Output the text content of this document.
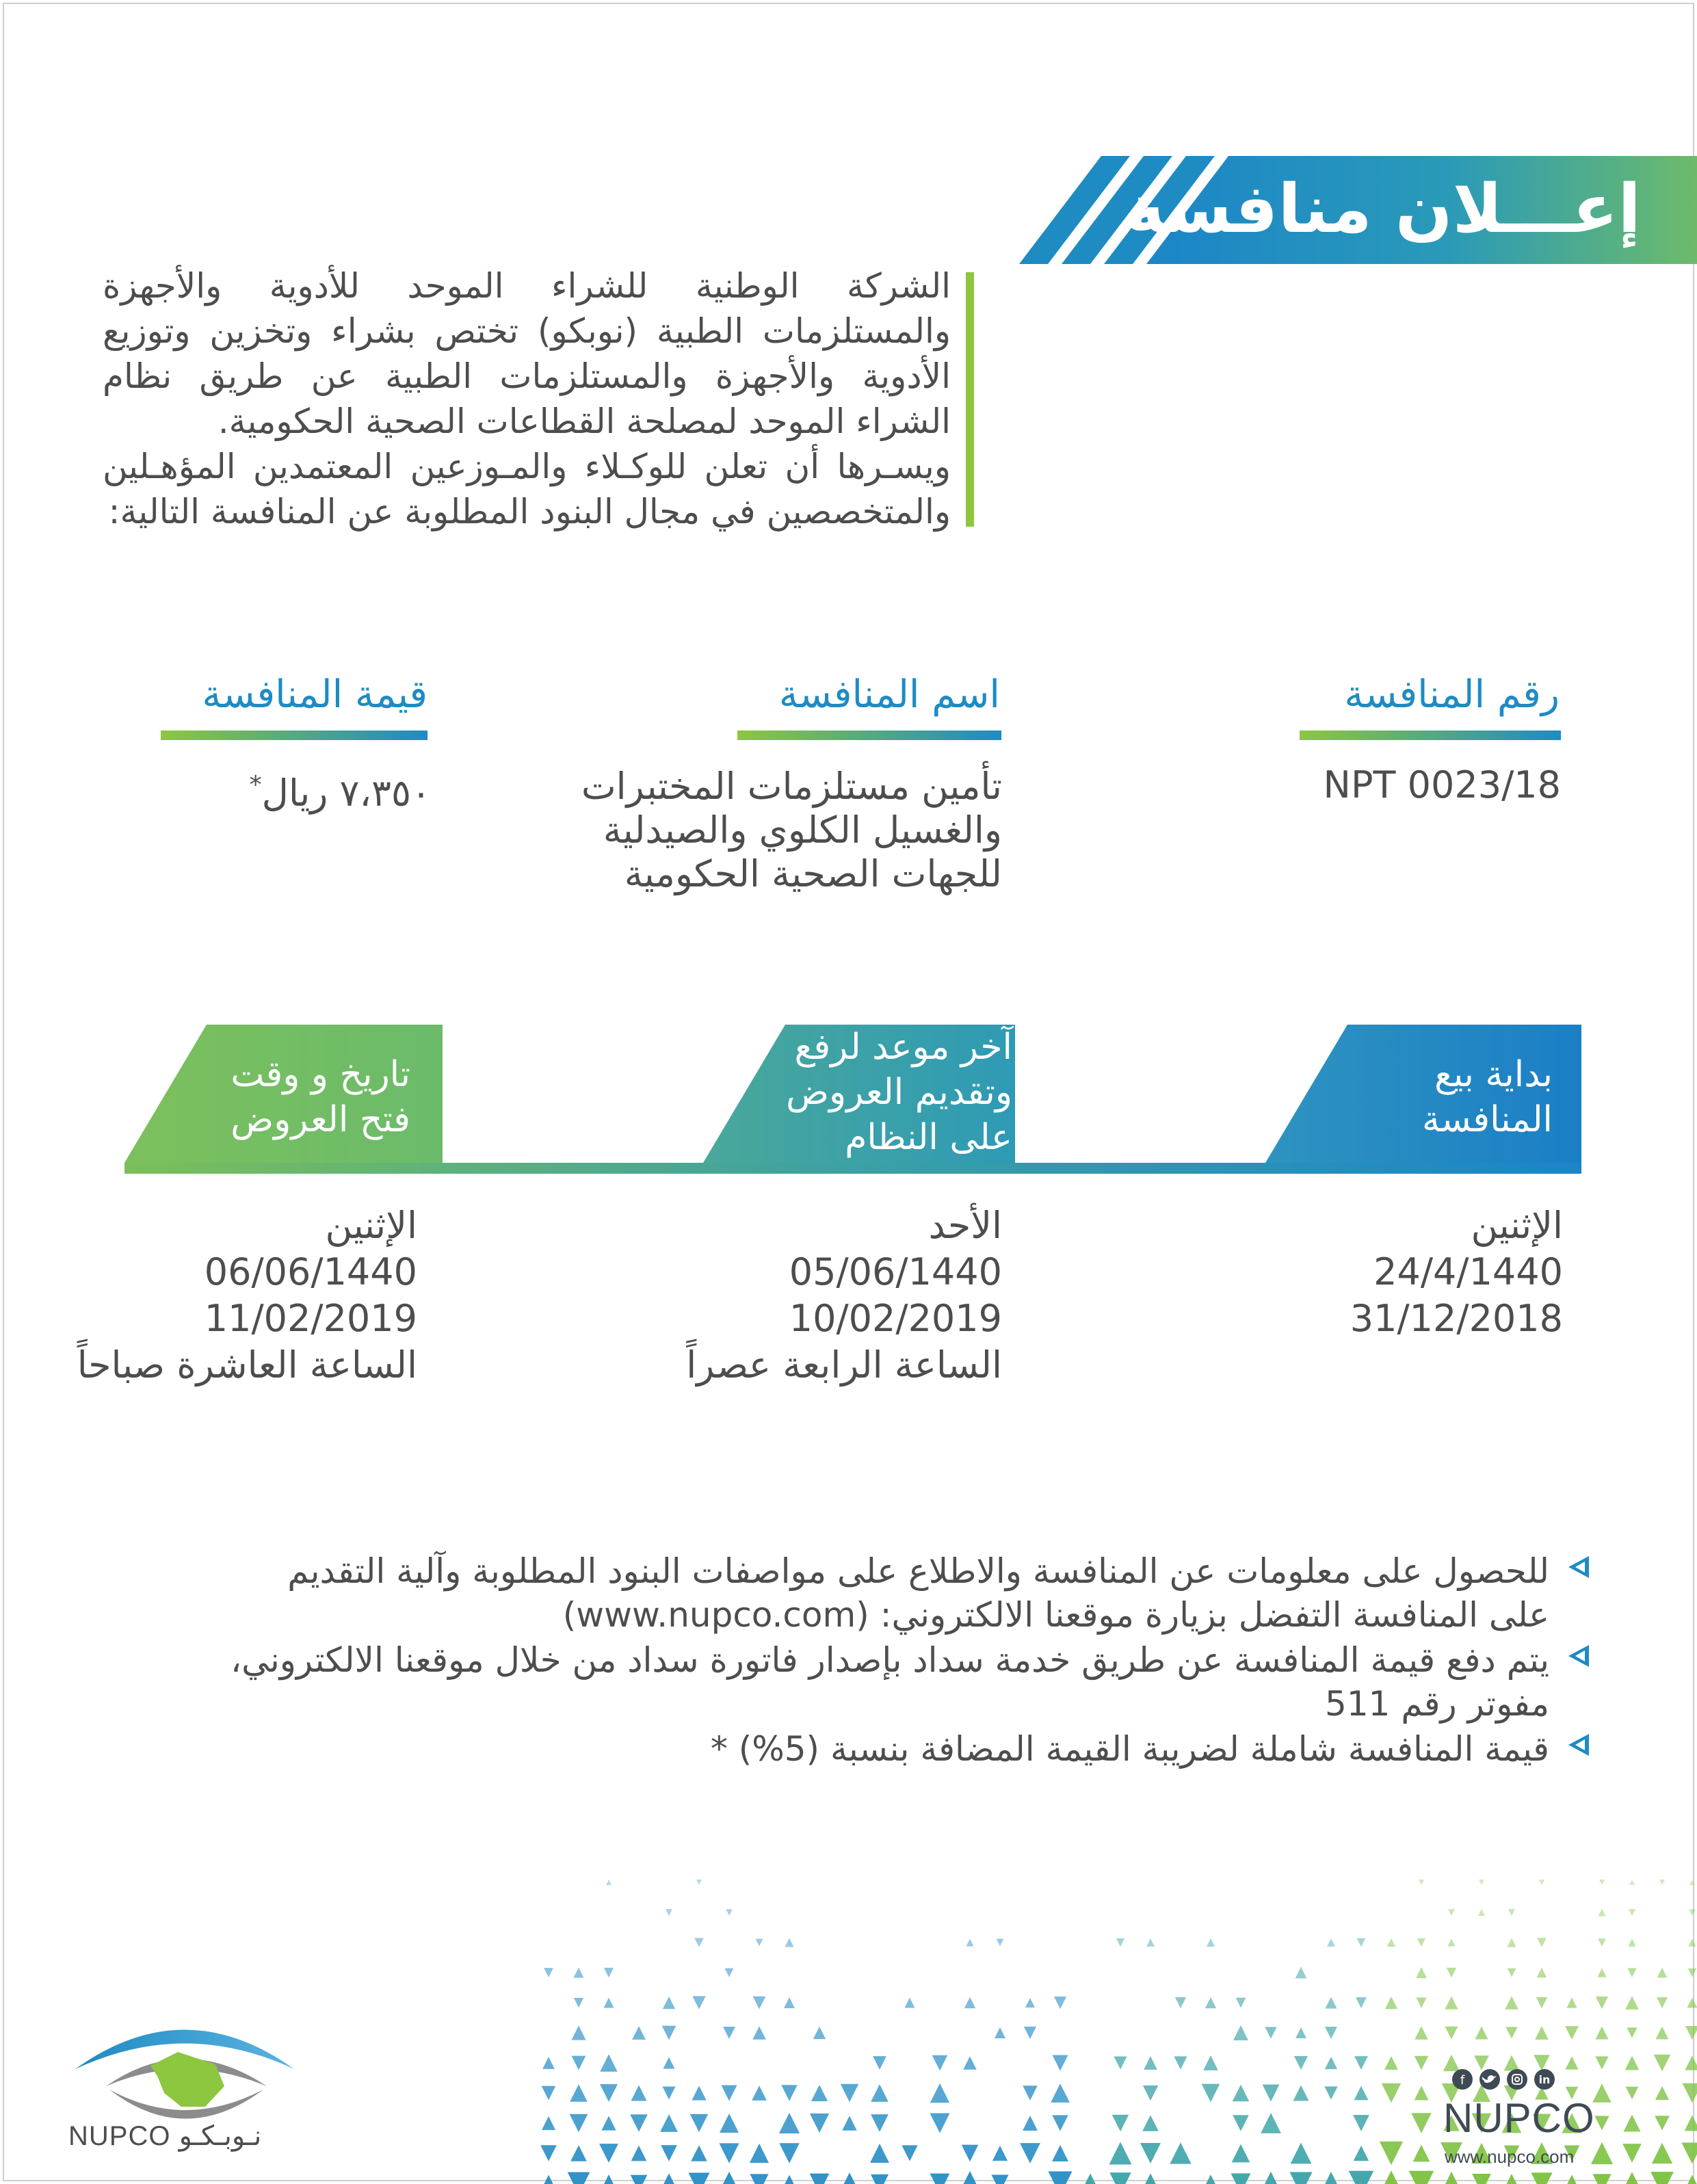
إعـــلان منافسة

الشركة الوطنية للشراء الموحد للأدوية والأجهزة والمستلزمات الطبية (نوبكو) تختص بشراء وتخزين وتوزيع الأدوية والأجهزة والمستلزمات الطبية عن طريق نظام الشراء الموحد لمصلحة القطاعات الصحية الحكومية.

ويسـرها أن تعلن للوكـلاء والمـوزعين المعتمدين المؤهـلين والمتخصصين في مجال البنود المطلوبة عن المنافسة التالية:

رقم المنافسة
NPT 0023/18
اسم المنافسة
تأمين مستلزمات المختبرات
والغسيل الكلوي والصيدلية
للجهات الصحية الحكومية
قيمة المنافسة
٧،٣٥٠ ريال*
تاريخ و وقت
فتح العروض
آخر موعد لرفع
وتقديم العروض
على النظام
بداية بيع
المنافسة
الإثنين
24/4/1440
31/12/2018
الأحد
05/06/1440
10/02/2019
الساعة الرابعة عصراً
الإثنين
06/06/1440
11/02/2019
الساعة العاشرة صباحاً
للحصول على معلومات عن المنافسة والاطلاع على مواصفات البنود المطلوبة وآلية التقديم
على المنافسة التفضل بزيارة موقعنا الالكتروني: (www.nupco.com)
يتم دفع قيمة المنافسة عن طريق خدمة سداد بإصدار فاتورة سداد من خلال موقعنا الالكتروني،
مفوتر رقم 511
قيمة المنافسة شاملة لضريبة القيمة المضافة بنسبة (5%) *
NUPCO نـوبـكـو
f	in
NUPCO
www.nupco.com
